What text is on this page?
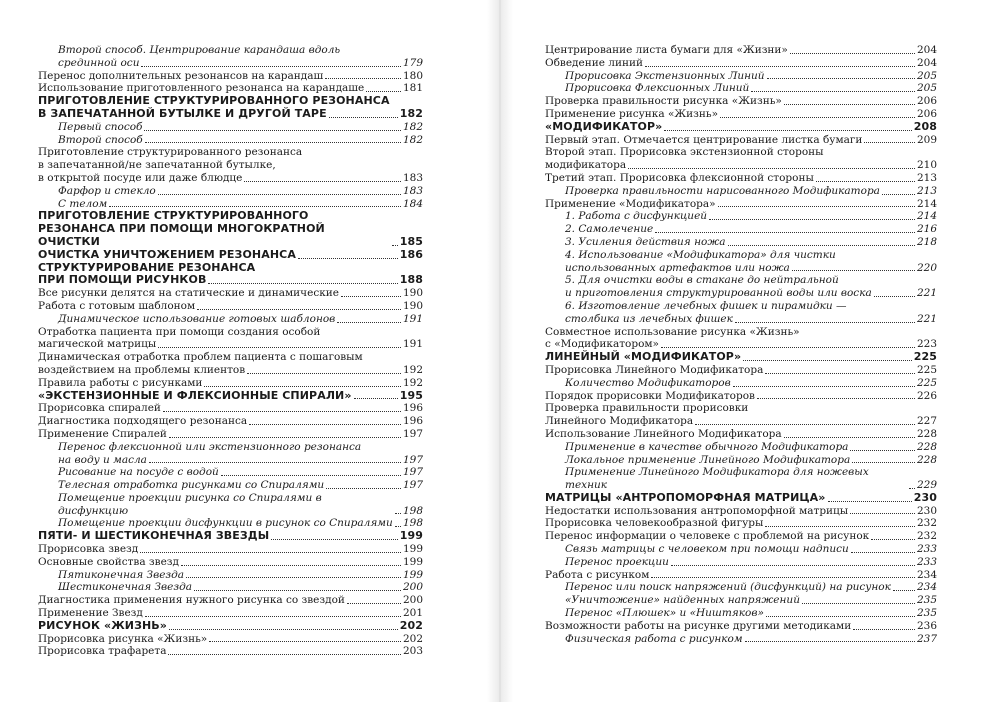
Второй способ. Центрирование карандаша вдоль
срединной оси	179
Перенос дополнительных резонансов на карандаш	180
Использование приготовленного резонанса на карандаше	181
ПРИГОТОВЛЕНИЕ СТРУКТУРИРОВАННОГО РЕЗОНАНСА
В ЗАПЕЧАТАННОЙ БУТЫЛКЕ И ДРУГОЙ ТАРЕ	182
Первый способ	182
Второй способ	182
Приготовление структурированного резонанса
в запечатанной/не запечатанной бутылке,
в открытой посуде или даже блюдце	183
Фарфор и стекло	183
С телом	184
ПРИГОТОВЛЕНИЕ СТРУКТУРИРОВАННОГО
РЕЗОНАНСА ПРИ ПОМОЩИ МНОГОКРАТНОЙ ОЧИСТКИ	185
ОЧИСТКА УНИЧТОЖЕНИЕМ РЕЗОНАНСА	186
СТРУКТУРИРОВАНИЕ РЕЗОНАНСА
ПРИ ПОМОЩИ РИСУНКОВ	188
Все рисунки делятся на статические и динамические	190
Работа с готовым шаблоном	190
Динамическое использование готовых шаблонов	191
Отработка пациента при помощи создания особой
магической матрицы	191
Динамическая отработка проблем пациента с пошаговым
воздействием на проблемы клиентов	192
Правила работы с рисунками	192
«ЭКСТЕНЗИОННЫЕ И ФЛЕКСИОННЫЕ СПИРАЛИ»	195
Прорисовка спиралей	196
Диагностика подходящего резонанса	196
Применение Спиралей	197
Перенос флексионной или экстензионного резонанса
на воду и масла	197
Рисование на посуде с водой	197
Телесная отработка рисунками со Спиралями	197
Помещение проекции рисунка со Спиралями в дисфункцию	198
Помещение проекции дисфункции в рисунок со Спиралями 198
ПЯТИ- И ШЕСТИКОНЕЧНАЯ ЗВЕЗДЫ	199
Прорисовка звезд	199
Основные свойства звезд	199
Пятиконечная Звезда	199
Шестиконечная Звезда	200
Диагностика применения нужного рисунка со звездой	200
Применение Звезд	201
РИСУНОК «ЖИЗНЬ»	202
Прорисовка рисунка «Жизнь»	202
Прорисовка трафарета	203
Центрирование листа бумаги для «Жизни»	204
Обведение линий	204
Прорисовка Экстензионных Линий	205
Прорисовка Флексионных Линий	205
Проверка правильности рисунка «Жизнь»	206
Применение рисунка «Жизнь»	206
«МОДИФИКАТОР»	208
Первый этап. Отмечается центрирование листка бумаги	209
Второй этап. Прорисовка экстензионной стороны
модификатора	210
Третий этап. Прорисовка флексионной стороны	213
Проверка правильности нарисованного Модификатора	213
Применение «Модификатора»	214
1. Работа с дисфункцией	214
2. Самолечение	216
3. Усиления действия ножа	218
4. Использование «Модификатора» для чистки
использованных артефактов или ножа	220
5. Для очистки воды в стакане до нейтральной
и приготовления структурированной воды или воска	221
6. Изготовление лечебных фишек и пирамидки —
столбика из лечебных фишек	221
Совместное использование рисунка «Жизнь»
с «Модификатором»	223
ЛИНЕЙНЫЙ «МОДИФИКАТОР»	225
Прорисовка Линейного Модификатора	225
Количество Модификаторов	225
Порядок прорисовки Модификаторов	226
Проверка правильности прорисовки
Линейного Модификатора	227
Использование Линейного Модификатора	228
Применение в качестве обычного Модификатора	228
Локальное применение Линейного Модификатора	228
Применение Линейного Модификатора для ножевых техник	229
МАТРИЦЫ «АНТРОПОМОРФНАЯ МАТРИЦА»	230
Недостатки использования антропоморфной матрицы	230
Прорисовка человекообразной фигуры	232
Перенос информации о человеке с проблемой на рисунок	232
Связь матрицы с человеком при помощи надписи	233
Перенос проекции	233
Работа с рисунком	234
Перенос или поиск напряжений (дисфункций) на рисунок 234
«Уничтожение» найденных напряжений	235
Перенос «Плюшек» и «Ништяков»	235
Возможности работы на рисунке другими методиками	236
Физическая работа с рисунком	237
